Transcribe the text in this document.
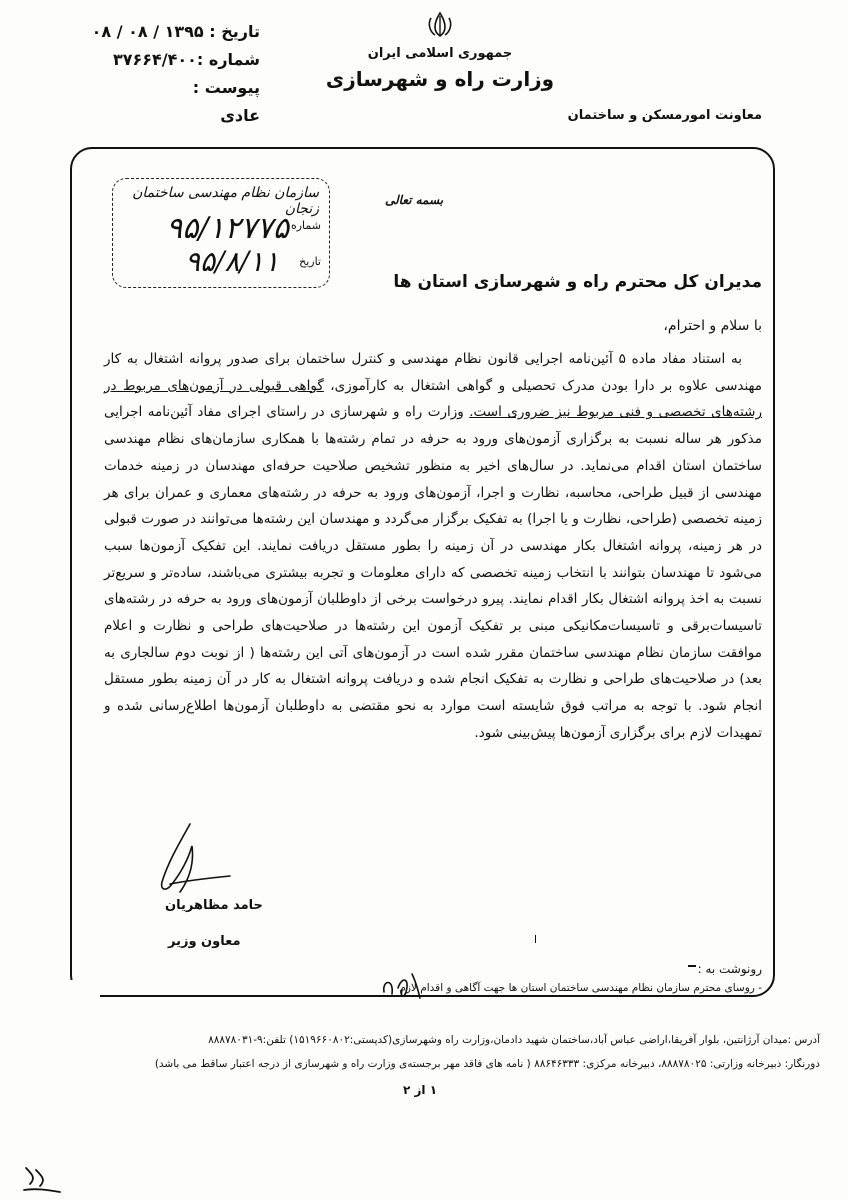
تاریخ : ۱۳۹۵ / ۰۸ / ۰۸
شماره :۳۷۶۶۴/۴۰۰
پیوست :
عادی
جمهوری اسلامی ایران
وزارت راه و شهرسازی
معاونت امورمسکن و ساختمان
سازمان نظام مهندسی ساختمان زنجان
شماره
۹۵/۱۲۷۷۵
تاریخ
۹۵/۸/۱۱
بسمه تعالی
مدیران کل محترم راه و شهرسازی استان ها
با سلام و احترام،

به استناد مفاد ماده ۵ آئین‌نامه اجرایی قانون نظام مهندسی و کنترل ساختمان برای صدور پروانه اشتغال به کار مهندسی علاوه بر دارا بودن مدرک تحصیلی و گواهی اشتغال به کارآموزی، گواهی قبولی در آزمون‌های مربوط در رشته‌های تخصصی و فنی مربوط نیز ضروری است. وزارت راه و شهرسازی در راستای اجرای مفاد آئین‌نامه اجرایی مذکور هر ساله نسبت به برگزاری آزمون‌های ورود به حرفه در تمام رشته‌ها با همکاری سازمان‌های نظام مهندسی ساختمان استان اقدام می‌نماید. در سال‌های اخیر به منظور تشخیص صلاحیت حرفه‌ای مهندسان در زمینه خدمات مهندسی از قبیل طراحی، محاسبه، نظارت و اجرا، آزمون‌های ورود به حرفه در رشته‌های معماری و عمران برای هر زمینه تخصصی (طراحی، نظارت و یا اجرا) به تفکیک برگزار می‌گردد و مهندسان این رشته‌ها می‌توانند در صورت قبولی در هر زمینه، پروانه اشتغال بکار مهندسی در آن زمینه را بطور مستقل دریافت نمایند. این تفکیک آزمون‌ها سبب می‌شود تا مهندسان بتوانند با انتخاب زمینه تخصصی که دارای معلومات و تجربه بیشتری می‌باشند، ساده‌تر و سریع‌تر نسبت به اخذ پروانه اشتغال بکار اقدام نمایند. پیرو درخواست برخی از داوطلبان آزمون‌های ورود به حرفه در رشته‌های تاسیسات‌برقی و تاسیسات‌مکانیکی مبنی بر تفکیک آزمون این رشته‌ها در صلاحیت‌های طراحی و نظارت و اعلام موافقت سازمان نظام مهندسی ساختمان مقرر شده است در آزمون‌های آتی این رشته‌ها ( از نوبت دوم سالجاری به بعد) در صلاحیت‌های طراحی و نظارت به تفکیک انجام شده و دریافت پروانه اشتغال به کار در آن زمینه بطور مستقل انجام شود. با توجه به مراتب فوق شایسته است موارد به نحو مقتضی به داوطلبان آزمون‌ها اطلاع‌رسانی شده و تمهیدات لازم برای برگزاری آزمون‌ها پیش‌بینی شود.

حامد مظاهریان
معاون وزیر
رونوشت به :
- روسای محترم سازمان نظام مهندسی ساختمان استان ها جهت آگاهی و اقدام لازم
آدرس :میدان آرژانتین، بلوار آفریقا،اراضی عباس آباد،ساختمان شهید دادمان،وزارت راه وشهرسازی(کدپستی:۱۵۱۹۶۶۰۸۰۲) تلفن:۹-۸۸۸۷۸۰۳۱
دورنگار: دبیرخانه وزارتی: ۸۸۸۷۸۰۲۵، دبیرخانه مرکزی: ۸۸۶۴۶۳۳۳ ( نامه های فاقد مهر برجسته‌ی وزارت راه و شهرسازی از درجه اعتبار ساقط می باشد)
۱ از ۲
